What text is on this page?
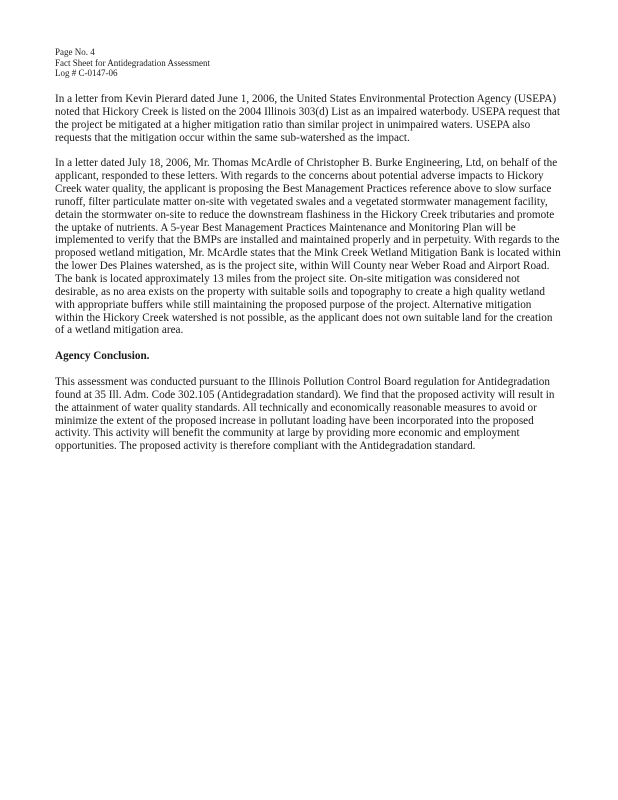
Page No. 4
Fact Sheet for Antidegradation Assessment
Log # C-0147-06

In a letter from Kevin Pierard dated June 1, 2006, the United States Environmental Protection Agency (USEPA) noted that Hickory Creek is listed on the 2004 Illinois 303(d) List as an impaired waterbody. USEPA request that the project be mitigated at a higher mitigation ratio than similar project in unimpaired waters. USEPA also requests that the mitigation occur within the same sub-watershed as the impact.

In a letter dated July 18, 2006, Mr. Thomas McArdle of Christopher B. Burke Engineering, Ltd, on behalf of the applicant, responded to these letters. With regards to the concerns about potential adverse impacts to Hickory Creek water quality, the applicant is proposing the Best Management Practices reference above to slow surface runoff, filter particulate matter on-site with vegetated swales and a vegetated stormwater management facility, detain the stormwater on-site to reduce the downstream flashiness in the Hickory Creek tributaries and promote the uptake of nutrients. A 5-year Best Management Practices Maintenance and Monitoring Plan will be implemented to verify that the BMPs are installed and maintained properly and in perpetuity. With regards to the proposed wetland mitigation, Mr. McArdle states that the Mink Creek Wetland Mitigation Bank is located within the lower Des Plaines watershed, as is the project site, within Will County near Weber Road and Airport Road. The bank is located approximately 13 miles from the project site. On-site mitigation was considered not desirable, as no area exists on the property with suitable soils and topography to create a high quality wetland with appropriate buffers while still maintaining the proposed purpose of the project. Alternative mitigation within the Hickory Creek watershed is not possible, as the applicant does not own suitable land for the creation of a wetland mitigation area.

Agency Conclusion.

This assessment was conducted pursuant to the Illinois Pollution Control Board regulation for Antidegradation found at 35 Ill. Adm. Code 302.105 (Antidegradation standard). We find that the proposed activity will result in the attainment of water quality standards. All technically and economically reasonable measures to avoid or minimize the extent of the proposed increase in pollutant loading have been incorporated into the proposed activity. This activity will benefit the community at large by providing more economic and employment opportunities. The proposed activity is therefore compliant with the Antidegradation standard.
